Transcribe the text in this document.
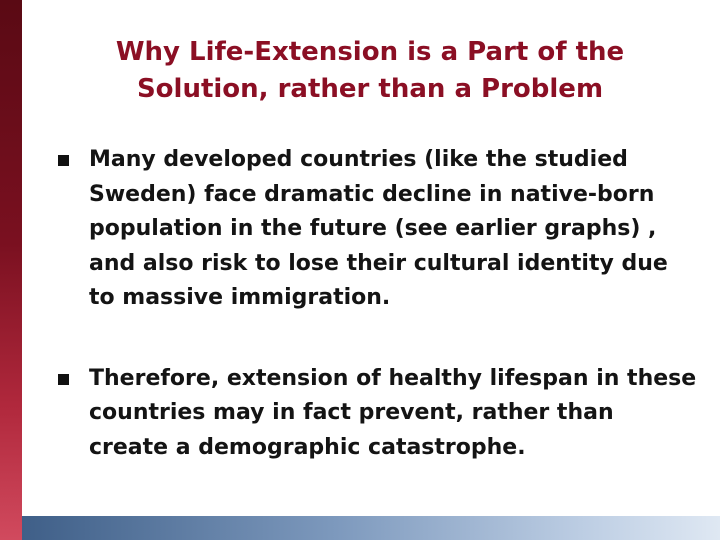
Why Life-Extension is a Part of the
Solution, rather than a Problem
Many developed countries (like the studied Sweden) face dramatic decline in native-born population in the future (see earlier graphs) , and also risk to lose their cultural identity due to massive immigration.
Therefore, extension of healthy lifespan in these countries may in fact prevent, rather than create a demographic catastrophe.
